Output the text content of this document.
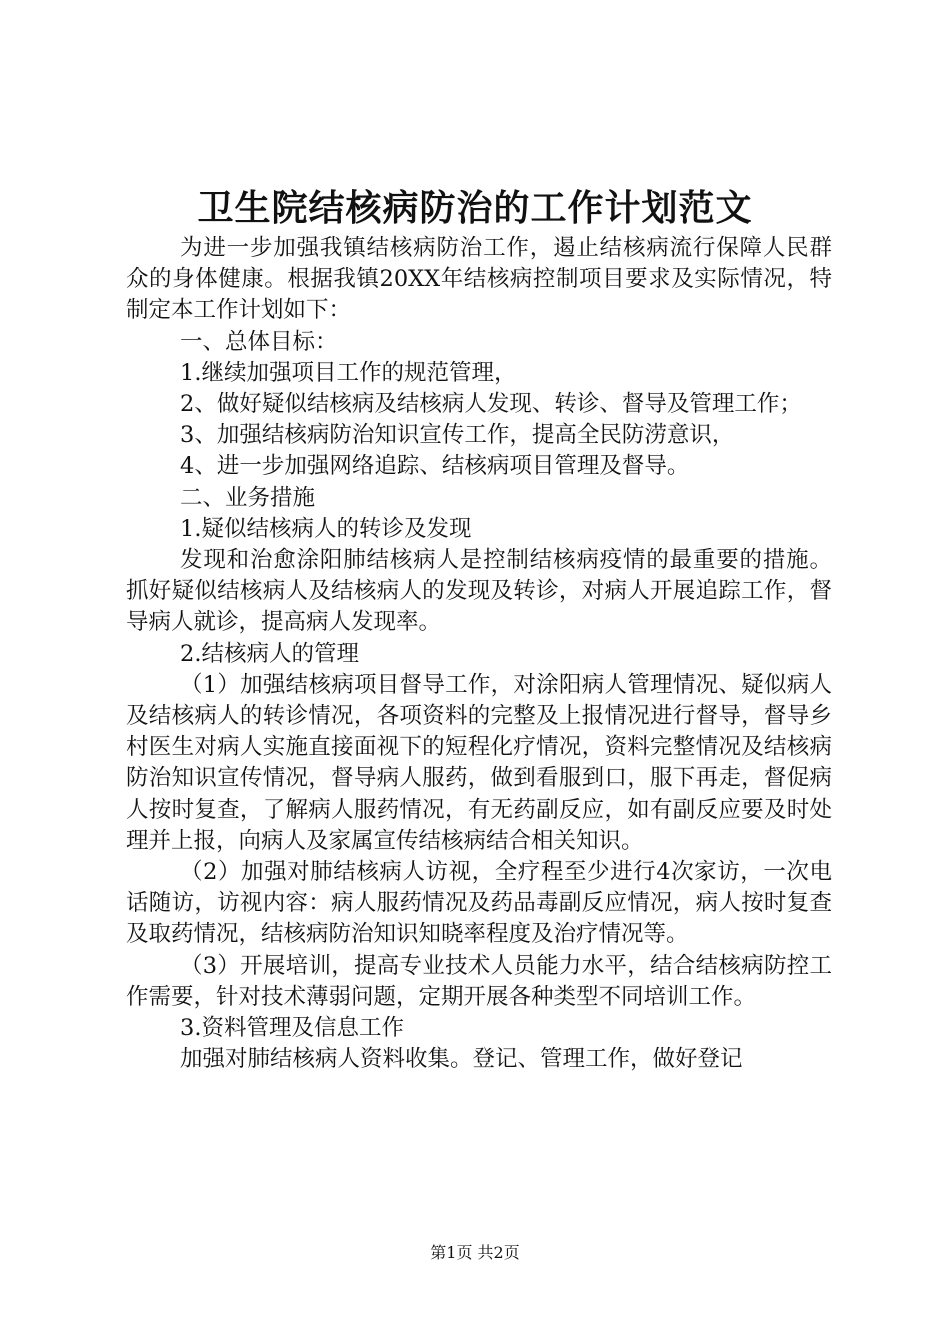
卫生院结核病防治的工作计划范文

为进一步加强我镇结核病防治工作，遏止结核病流行保障人民群众的身体健康。根据我镇20XX年结核病控制项目要求及实际情况，特制定本工作计划如下：

一、总体目标：

1.继续加强项目工作的规范管理，

2、做好疑似结核病及结核病人发现、转诊、督导及管理工作；

3、加强结核病防治知识宣传工作，提高全民防涝意识，

4、进一步加强网络追踪、结核病项目管理及督导。

二、业务措施

1.疑似结核病人的转诊及发现

发现和治愈涂阳肺结核病人是控制结核病疫情的最重要的措施。抓好疑似结核病人及结核病人的发现及转诊，对病人开展追踪工作，督导病人就诊，提高病人发现率。

2.结核病人的管理

（1）加强结核病项目督导工作，对涂阳病人管理情况、疑似病人及结核病人的转诊情况，各项资料的完整及上报情况进行督导，督导乡村医生对病人实施直接面视下的短程化疗情况，资料完整情况及结核病防治知识宣传情况，督导病人服药，做到看服到口，服下再走，督促病人按时复查，了解病人服药情况，有无药副反应，如有副反应要及时处理并上报，向病人及家属宣传结核病结合相关知识。

（2）加强对肺结核病人访视，全疗程至少进行4次家访，一次电话随访，访视内容：病人服药情况及药品毒副反应情况，病人按时复查及取药情况，结核病防治知识知晓率程度及治疗情况等。

（3）开展培训，提高专业技术人员能力水平，结合结核病防控工作需要，针对技术薄弱问题，定期开展各种类型不同培训工作。

3.资料管理及信息工作

加强对肺结核病人资料收集。登记、管理工作，做好登记

第1页 共2页
